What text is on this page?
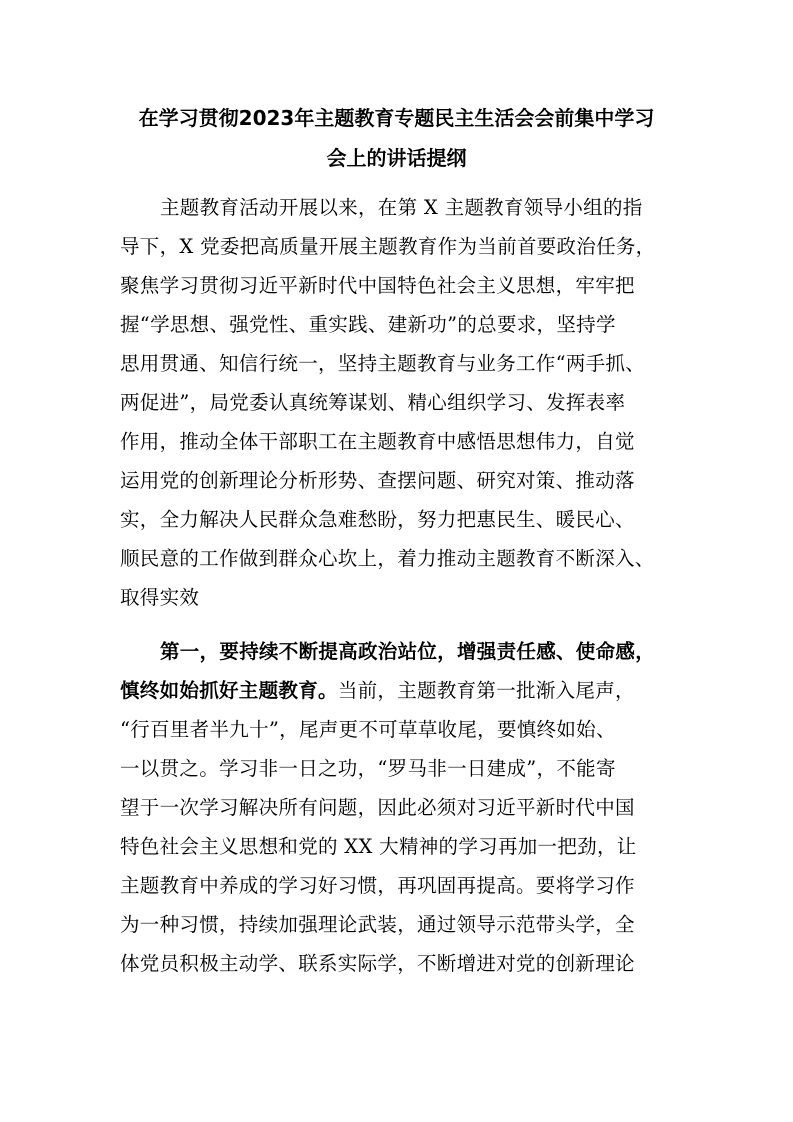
在学习贯彻2023年主题教育专题民主生活会会前集中学习
会上的讲话提纲
主题教育活动开展以来，在第 X 主题教育领导小组的指
导下，X 党委把高质量开展主题教育作为当前首要政治任务，
聚焦学习贯彻习近平新时代中国特色社会主义思想，牢牢把
握“学思想、强党性、重实践、建新功”的总要求，坚持学
思用贯通、知信行统一，坚持主题教育与业务工作“两手抓、
两促进”，局党委认真统筹谋划、精心组织学习、发挥表率
作用，推动全体干部职工在主题教育中感悟思想伟力，自觉
运用党的创新理论分析形势、查摆问题、研究对策、推动落
实，全力解决人民群众急难愁盼，努力把惠民生、暖民心、
顺民意的工作做到群众心坎上，着力推动主题教育不断深入、
取得实效
第一，要持续不断提高政治站位，增强责任感、使命感，
慎终如始抓好主题教育。当前，主题教育第一批渐入尾声，
“行百里者半九十”，尾声更不可草草收尾，要慎终如始、
一以贯之。学习非一日之功，“罗马非一日建成”，不能寄
望于一次学习解决所有问题，因此必须对习近平新时代中国
特色社会主义思想和党的 XX 大精神的学习再加一把劲，让
主题教育中养成的学习好习惯，再巩固再提高。要将学习作
为一种习惯，持续加强理论武装，通过领导示范带头学，全
体党员积极主动学、联系实际学，不断增进对党的创新理论
